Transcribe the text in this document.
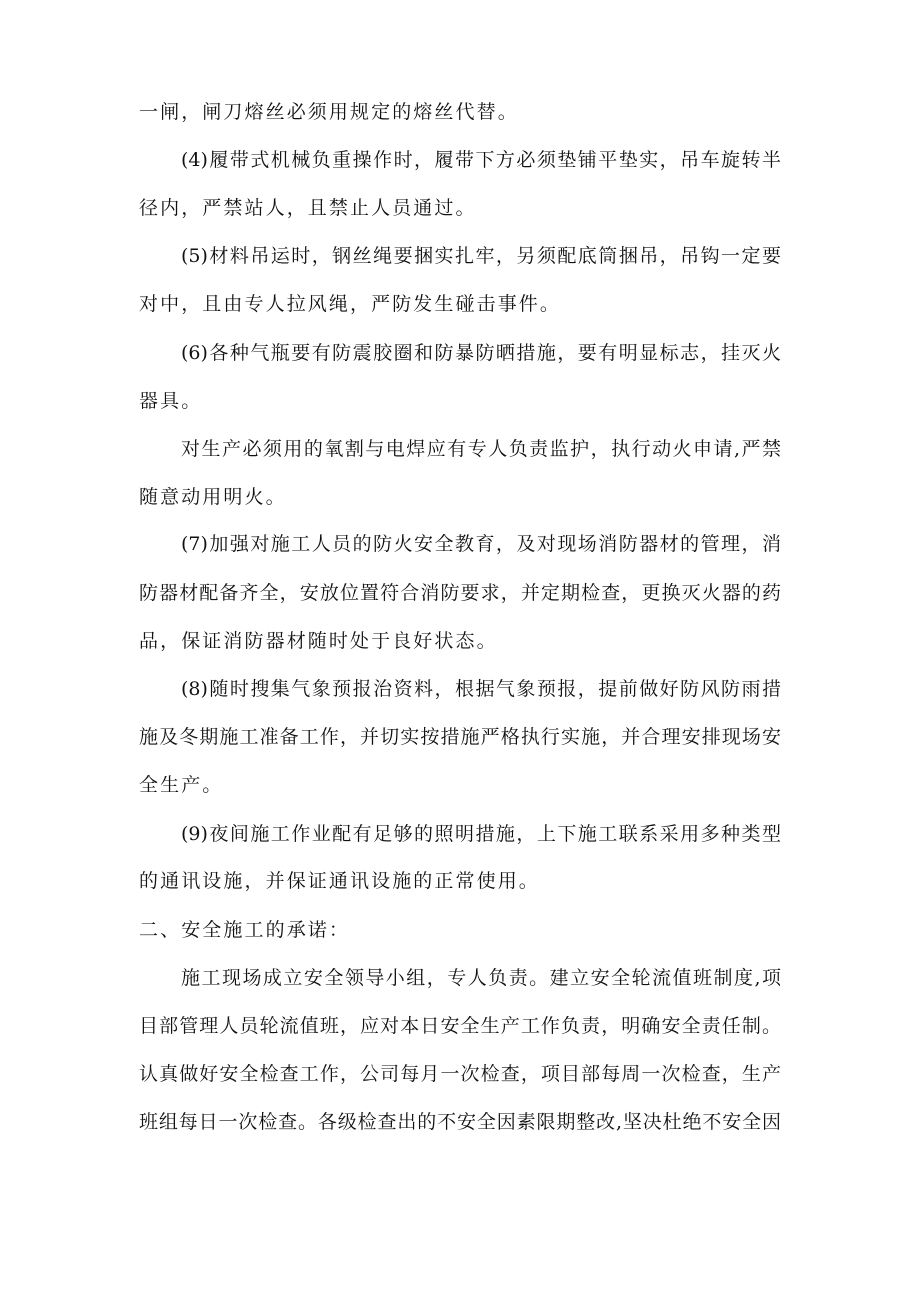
一闸，闸刀熔丝必须用规定的熔丝代替。
(4)履带式机械负重操作时，履带下方必须垫铺平垫实，吊车旋转半
径内，严禁站人，且禁止人员通过。
(5)材料吊运时，钢丝绳要捆实扎牢，另须配底筒捆吊，吊钩一定要
对中，且由专人拉风绳，严防发生碰击事件。
(6)各种气瓶要有防震胶圈和防暴防晒措施，要有明显标志，挂灭火
器具。
对生产必须用的氧割与电焊应有专人负责监护，执行动火申请,严禁
随意动用明火。
(7)加强对施工人员的防火安全教育，及对现场消防器材的管理，消
防器材配备齐全，安放位置符合消防要求，并定期检查，更换灭火器的药
品，保证消防器材随时处于良好状态。
(8)随时搜集气象预报治资料，根据气象预报，提前做好防风防雨措
施及冬期施工准备工作，并切实按措施严格执行实施，并合理安排现场安
全生产。
(9)夜间施工作业配有足够的照明措施，上下施工联系采用多种类型
的通讯设施，并保证通讯设施的正常使用。
二、安全施工的承诺：
施工现场成立安全领导小组，专人负责。建立安全轮流值班制度,项
目部管理人员轮流值班，应对本日安全生产工作负责，明确安全责任制。
认真做好安全检查工作，公司每月一次检查，项目部每周一次检查，生产
班组每日一次检查。各级检查出的不安全因素限期整改,坚决杜绝不安全因
